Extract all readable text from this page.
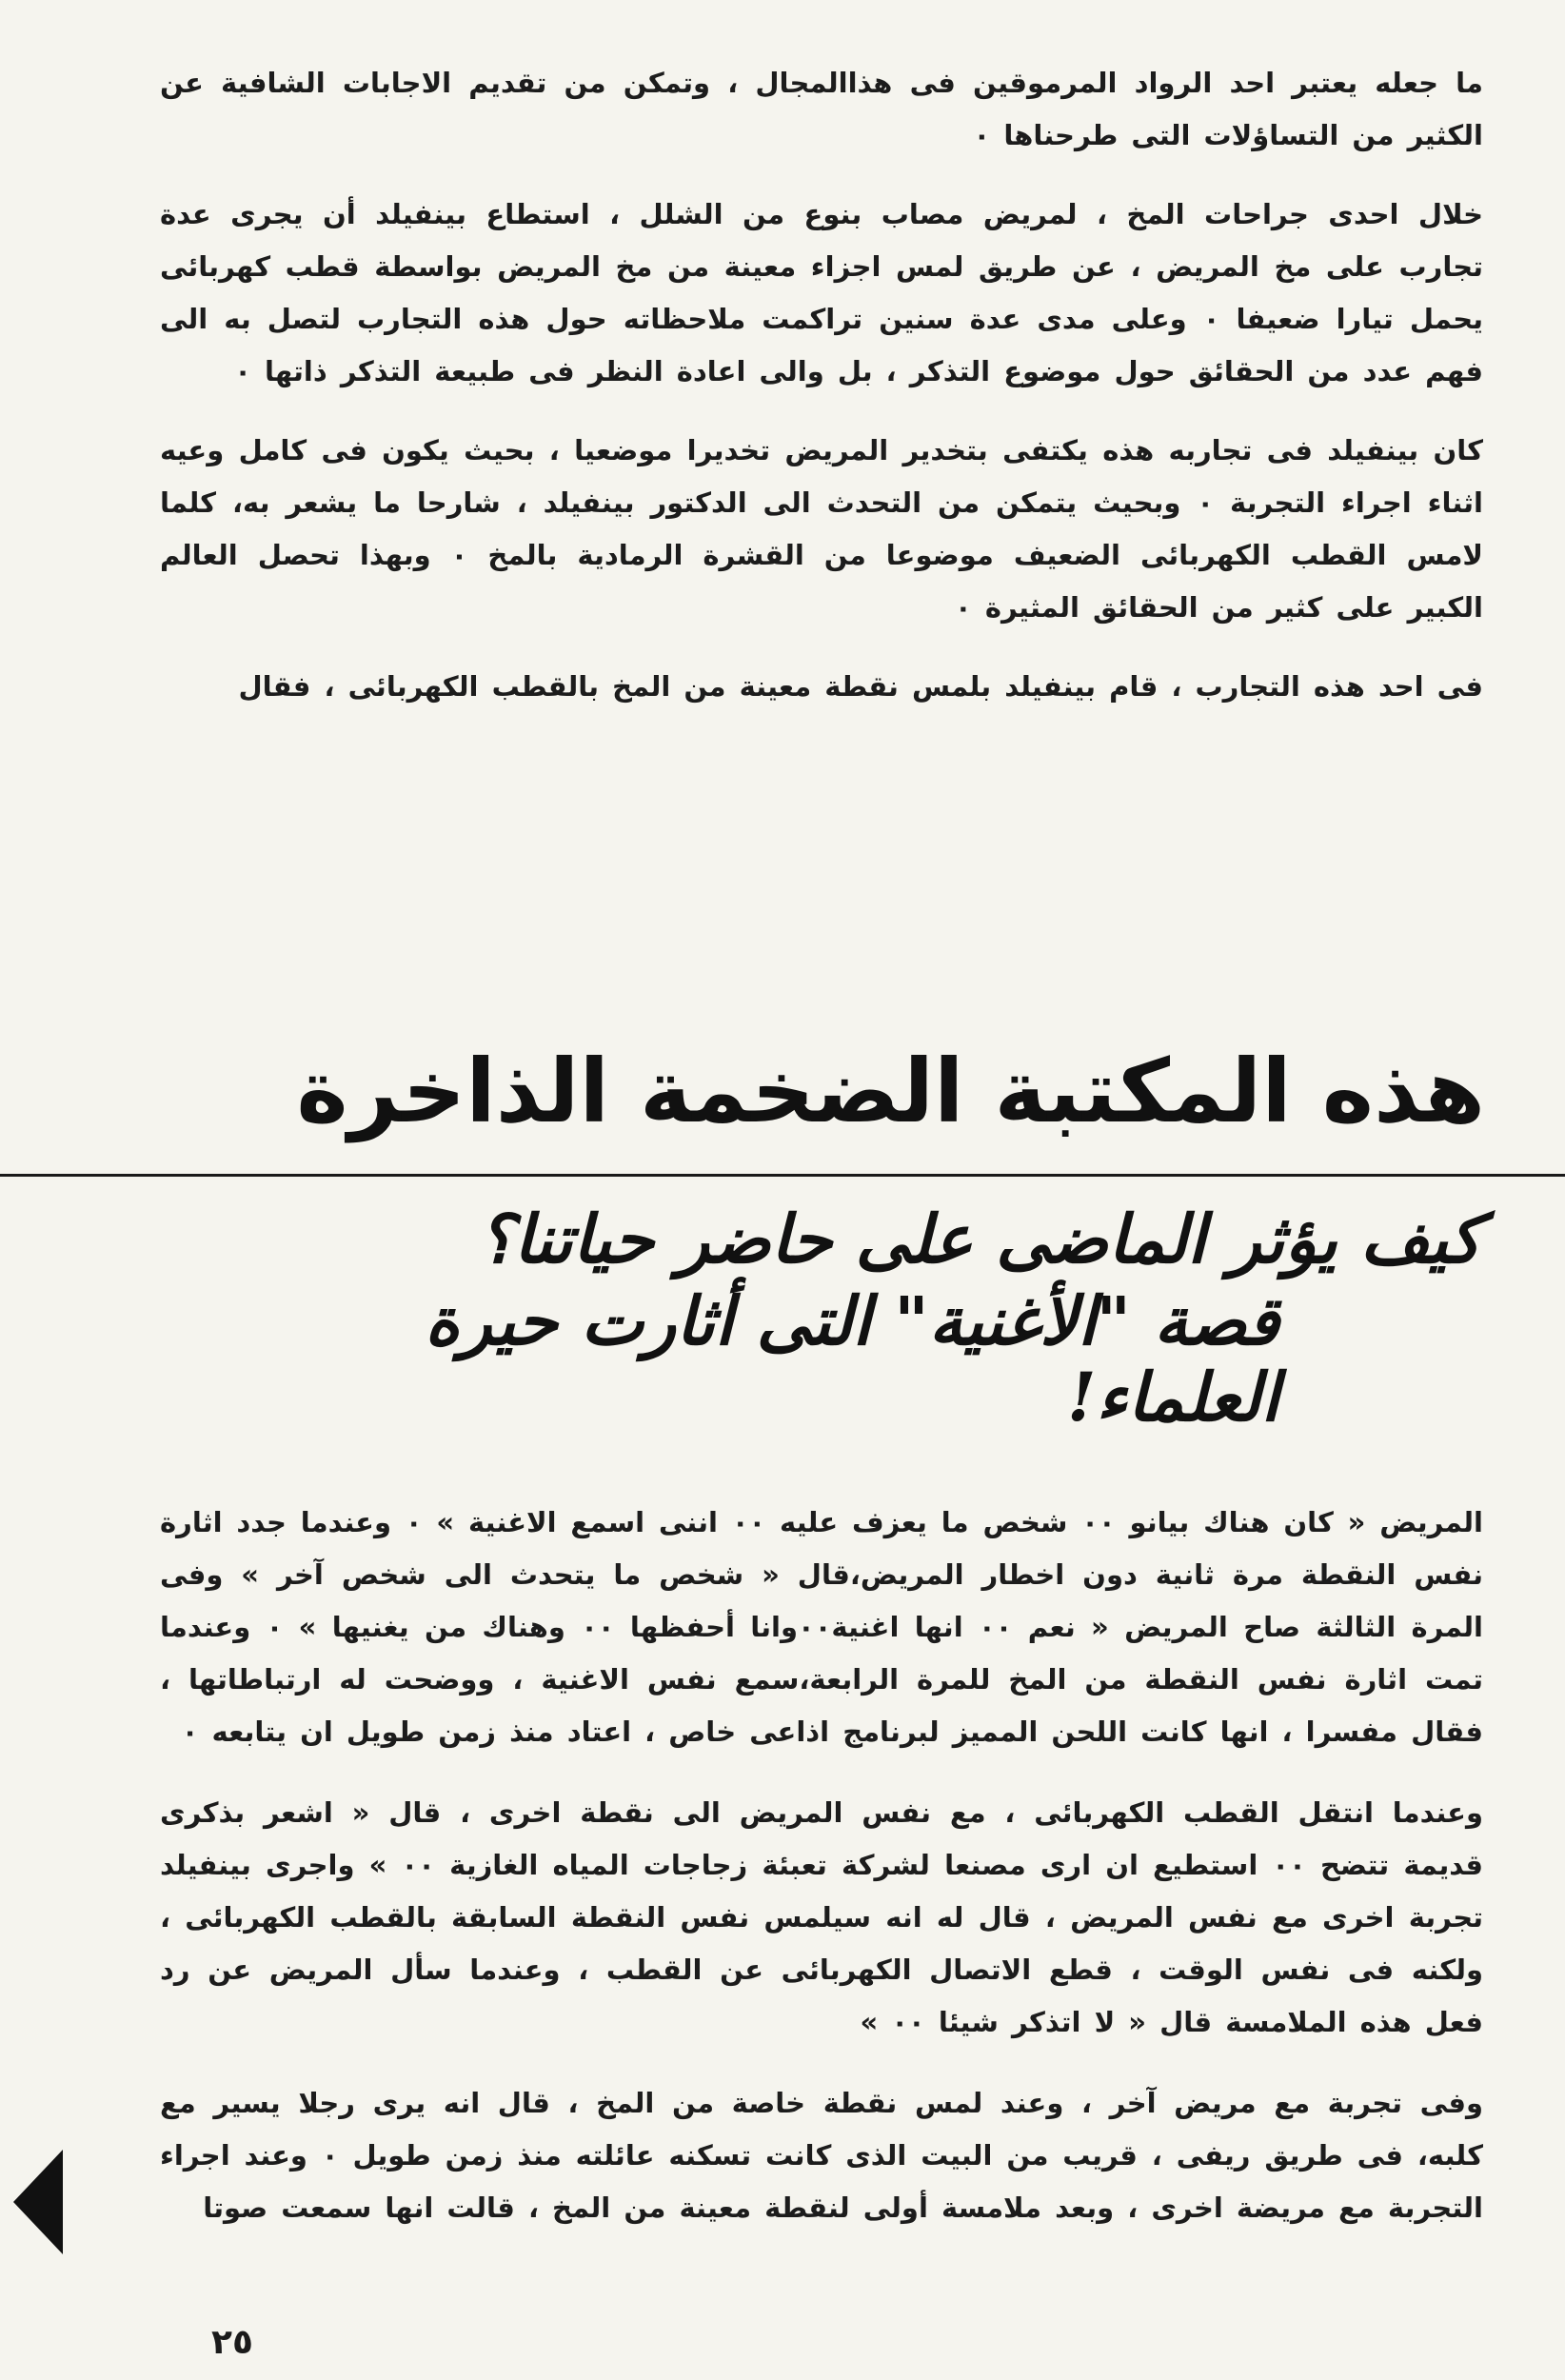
ما جعله يعتبر احد الرواد المرموقين فى هذاالمجال ، وتمكن من تقديم الاجابات الشافية عن الكثير من التساؤلات التى طرحناها ٠

خلال احدى جراحات المخ ، لمريض مصاب بنوع من الشلل ، استطاع بينفيلد أن يجرى عدة تجارب على مخ المريض ، عن طريق لمس اجزاء معينة من مخ المريض بواسطة قطب كهربائى يحمل تيارا ضعيفا ٠ وعلى مدى عدة سنين تراكمت ملاحظاته حول هذه التجارب لتصل به الى فهم عدد من الحقائق حول موضوع التذكر ، بل والى اعادة النظر فى طبيعة التذكر ذاتها ٠

كان بينفيلد فى تجاربه هذه يكتفى بتخدير المريض تخديرا موضعيا ، بحيث يكون فى كامل وعيه اثناء اجراء التجربة ٠ وبحيث يتمكن من التحدث الى الدكتور بينفيلد ، شارحا ما يشعر به، كلما لامس القطب الكهربائى الضعيف موضوعا من القشرة الرمادية بالمخ ٠ وبهذا تحصل العالم الكبير على كثير من الحقائق المثيرة ٠

فى احد هذه التجارب ، قام بينفيلد بلمس نقطة معينة من المخ بالقطب الكهربائى ، فقال

هذه المكتبة الضخمة الذاخرة
كيف يؤثر الماضى على حاضر حياتنا؟
قصة "الأغنية" التى أثارت حيرة العلماء!

المريض « كان هناك بيانو ٠٠ شخص ما يعزف عليه ٠٠ اننى اسمع الاغنية » ٠ وعندما جدد اثارة نفس النقطة مرة ثانية دون اخطار المريض،قال « شخص ما يتحدث الى شخص آخر » وفى المرة الثالثة صاح المريض « نعم ٠٠ انها اغنية٠٠وانا أحفظها ٠٠ وهناك من يغنيها » ٠ وعندما تمت اثارة نفس النقطة من المخ للمرة الرابعة،سمع نفس الاغنية ، ووضحت له ارتباطاتها ، فقال مفسرا ، انها كانت اللحن المميز لبرنامج اذاعى خاص ، اعتاد منذ زمن طويل ان يتابعه ٠

وعندما انتقل القطب الكهربائى ، مع نفس المريض الى نقطة اخرى ، قال « اشعر بذكرى قديمة تتضح ٠٠ استطيع ان ارى مصنعا لشركة تعبئة زجاجات المياه الغازية ٠٠ » واجرى بينفيلد تجربة اخرى مع نفس المريض ، قال له انه سيلمس نفس النقطة السابقة بالقطب الكهربائى ، ولكنه فى نفس الوقت ، قطع الاتصال الكهربائى عن القطب ، وعندما سأل المريض عن رد فعل هذه الملامسة قال « لا اتذكر شيئا ٠٠ »

وفى تجربة مع مريض آخر ، وعند لمس نقطة خاصة من المخ ، قال انه يرى رجلا يسير مع كلبه، فى طريق ريفى ، قريب من البيت الذى كانت تسكنه عائلته منذ زمن طويل ٠ وعند اجراء التجربة مع مريضة اخرى ، وبعد ملامسة أولى لنقطة معينة من المخ ، قالت انها سمعت صوتا

٢٥
